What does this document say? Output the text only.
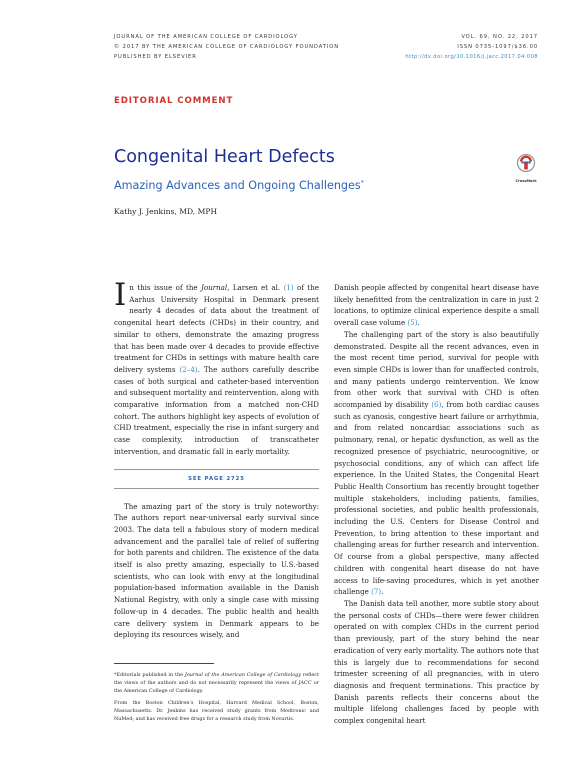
JOURNAL OF THE AMERICAN COLLEGE OF CARDIOLOGY
© 2017 BY THE AMERICAN COLLEGE OF CARDIOLOGY FOUNDATION
PUBLISHED BY ELSEVIER
VOL. 69, NO. 22, 2017
ISSN 0735-1097/$36.00
http://dx.doi.org/10.1016/j.jacc.2017.04.008
EDITORIAL COMMENT
Congenital Heart Defects
Amazing Advances and Ongoing Challenges*	CrossMark
Kathy J. Jenkins, MD, MPH

In this issue of the Journal, Larsen et al. (1) of the Aarhus University Hospital in Denmark present nearly 4 decades of data about the treatment of congenital heart defects (CHDs) in their country, and similar to others, demonstrate the amazing progress that has been made over 4 decades to provide effective treatment for CHDs in settings with mature health care delivery systems (2–4). The authors carefully describe cases of both surgical and catheter-based intervention and subsequent mortality and reintervention, along with comparative information from a matched non-CHD cohort. The authors highlight key aspects of evolution of CHD treatment, especially the rise in infant surgery and case complexity, introduction of transcatheter intervention, and dramatic fall in early mortality.

SEE PAGE 2725

The amazing part of the story is truly noteworthy: The authors report near-universal early survival since 2003. The data tell a fabulous story of modern medical advancement and the parallel tale of relief of suffering for both parents and children. The existence of the data itself is also pretty amazing, especially to U.S.-based scientists, who can look with envy at the longitudinal population-based information available in the Danish National Registry, with only a single case with missing follow-up in 4 decades. The public health and health care delivery system in Denmark appears to be deploying its resources wisely, and

Danish people affected by congenital heart disease have likely benefitted from the centralization in care in just 2 locations, to optimize clinical experience despite a small overall case volume (5).

The challenging part of the story is also beautifully demonstrated. Despite all the recent advances, even in the most recent time period, survival for people with even simple CHDs is lower than for unaffected controls, and many patients undergo reintervention. We know from other work that survival with CHD is often accompanied by disability (6), from both cardiac causes such as cyanosis, congestive heart failure or arrhythmia, and from related noncardiac associations such as pulmonary, renal, or hepatic dysfunction, as well as the recognized presence of psychiatric, neurocognitive, or psychosocial conditions, any of which can affect life experience. In the United States, the Congenital Heart Public Health Consortium has recently brought together multiple stakeholders, including patients, families, professional societies, and public health professionals, including the U.S. Centers for Disease Control and Prevention, to bring attention to these important and challenging areas for further research and intervention. Of course from a global perspective, many affected children with congenital heart disease do not have access to life-saving procedures, which is yet another challenge (7).

The Danish data tell another, more subtle story about the personal costs of CHDs—there were fewer children operated on with complex CHDs in the current period than previously, part of the story behind the near eradication of very early mortality. The authors note that this is largely due to recommendations for second trimester screening of all pregnancies, with in utero diagnosis and frequent terminations. This practice by Danish parents reflects their concerns about the multiple lifelong challenges faced by people with complex congenital heart

*Editorials published in the Journal of the American College of Cardiology reflect the views of the authors and do not necessarily represent the views of JACC or the American College of Cardiology.

From the Boston Children’s Hospital, Harvard Medical School, Boston, Massachusetts. Dr. Jenkins has received study grants from Medtronic and NuMed; and has received free drugs for a research study from Novartis.
